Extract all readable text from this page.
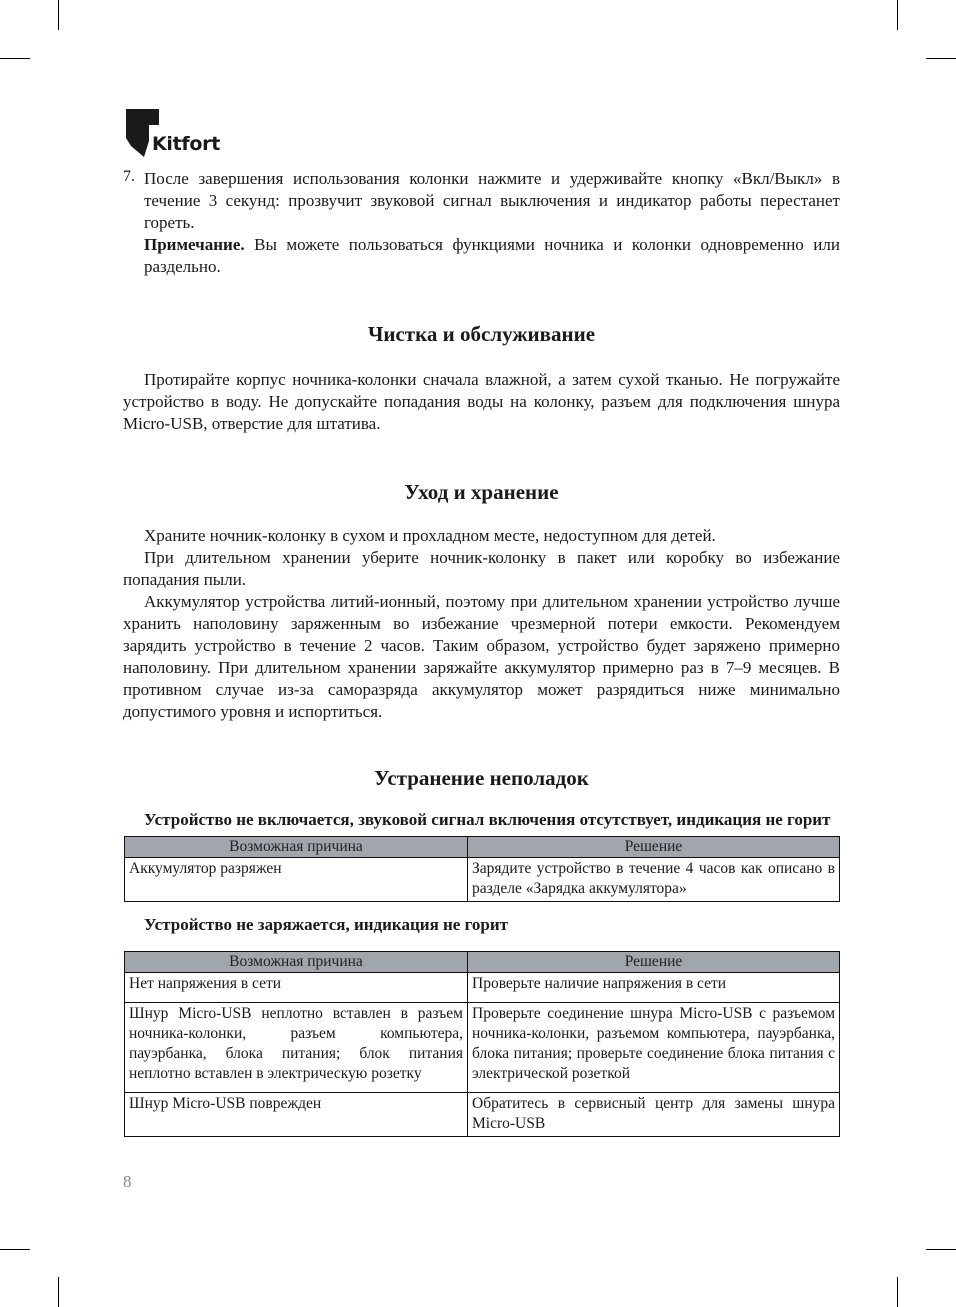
Kitfort
7. После завершения использования колонки нажмите и удерживайте кнопку «Вкл/Выкл» в течение 3 секунд: прозвучит звуковой сигнал выключения и индикатор работы перестанет гореть.

Примечание. Вы можете пользоваться функциями ночника и колонки одновременно или раздельно.

Чистка и обслуживание

Протирайте корпус ночника-колонки сначала влажной, а затем сухой тканью. Не погружайте устройство в воду. Не допускайте попадания воды на колонку, разъем для подключения шнура Micro-USB, отверстие для штатива.

Уход и хранение

Храните ночник-колонку в сухом и прохладном месте, недоступном для детей.

При длительном хранении уберите ночник-колонку в пакет или коробку во избежание попадания пыли.

Аккумулятор устройства литий-ионный, поэтому при длительном хранении устройство лучше хранить наполовину заряженным во избежание чрезмерной потери емкости. Рекомендуем зарядить устройство в течение 2 часов. Таким образом, устройство будет заряжено примерно наполовину. При длительном хранении заряжайте аккумулятор примерно раз в 7–9 месяцев. В противном случае из-за саморазряда аккумулятор может разрядиться ниже минимально допустимого уровня и испортиться.

Устранение неполадок
Устройство не включается, звуковой сигнал включения отсутствует, индикация не горит
Возможная причина	Решение
Аккумулятор разряжен	Зарядите устройство в течение 4 часов как описано в разделе «Зарядка аккумулятора»
Устройство не заряжается, индикация не горит
Возможная причина	Решение
Нет напряжения в сети	Проверьте наличие напряжения в сети
Шнур Micro-USB неплотно вставлен в разъем ночника-колонки, разъем компьютера, пауэрбанка, блока питания; блок питания неплотно вставлен в электрическую розетку	Проверьте соединение шнура Micro-USB с разъемом ночника-колонки, разъемом компьютера, пауэрбанка, блока питания; проверьте соединение блока питания с электрической розеткой
Шнур Micro-USB поврежден	Обратитесь в сервисный центр для замены шнура Micro-USB
8
